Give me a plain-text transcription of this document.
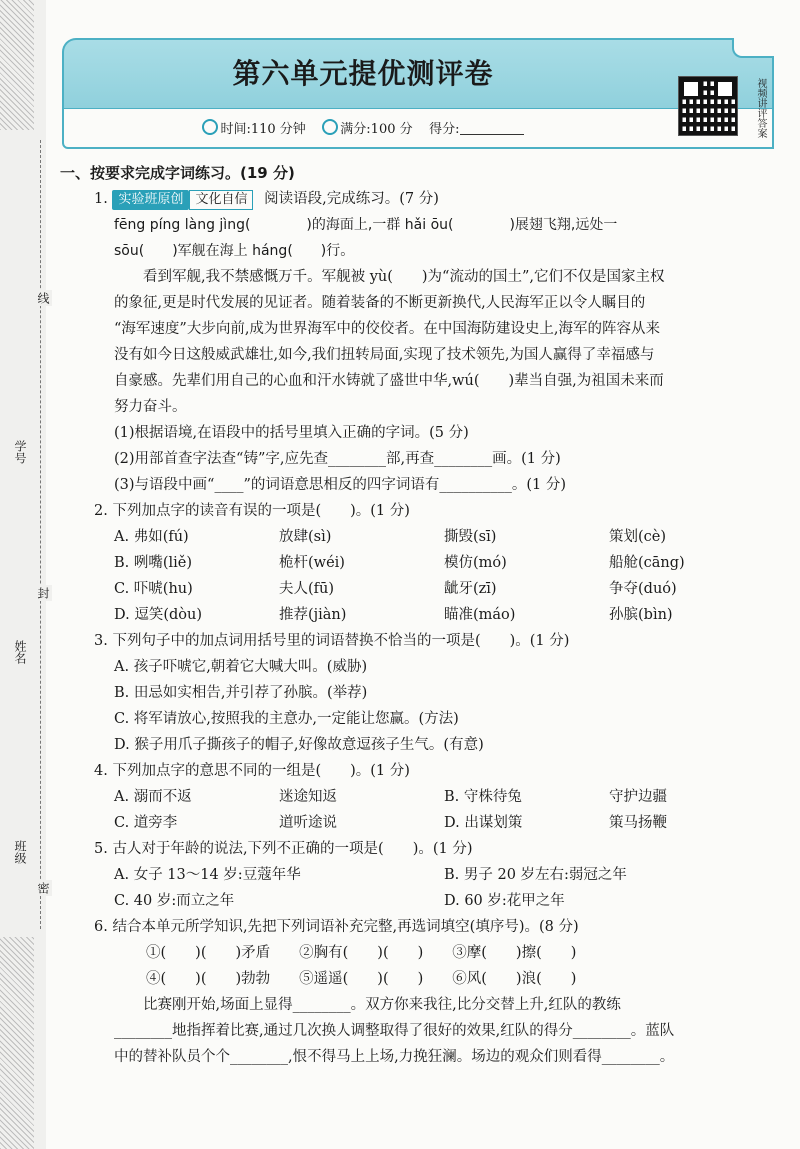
学号
姓名
班级
线
封
密
第六单元提优测评卷
时间:110 分钟	满分:100 分 得分:	视频讲评答案
一、按要求完成字词练习。(19 分)
1. 实验班原创 文化自信 阅读语段,完成练习。(7 分)
fēng píng làng jìng(　　　　)的海面上,一群 hǎi ōu(　　　　)展翅飞翔,远处一
sōu(　　)军舰在海上 háng(　　)行。
　　看到军舰,我不禁感慨万千。军舰被 yù(　　)为“流动的国土”,它们不仅是国家主权
的象征,更是时代发展的见证者。随着装备的不断更新换代,人民海军正以令人瞩目的
“海军速度”大步向前,成为世界海军中的佼佼者。在中国海防建设史上,海军的阵容从来
没有如今日这般威武雄壮,如今,我们扭转局面,实现了技术领先,为国人赢得了幸福感与
自豪感。先辈们用自己的心血和汗水铸就了盛世中华,wú(　　)辈当自强,为祖国未来而
努力奋斗。
(1)根据语境,在语段中的括号里填入正确的字词。(5 分)
(2)用部首查字法查“铸”字,应先查________部,再查________画。(1 分)
(3)与语段中画“____”的词语意思相反的四字词语有__________。(1 分)
2. 下列加点字的读音有误的一项是(　　)。(1 分)
A. 弗如(fú)	放肆(sì)	撕毁(sī)	策划(cè)
B. 咧嘴(liě)	桅杆(wéi)	模仿(mó)	船舱(cāng)
C. 吓唬(hu)	夫人(fū)	龇牙(zī)	争夺(duó)
D. 逗笑(dòu)	推荐(jiàn)	瞄准(máo)	孙膑(bìn)
3. 下列句子中的加点词用括号里的词语替换不恰当的一项是(　　)。(1 分)
A. 孩子吓唬它,朝着它大喊大叫。(威胁)
B. 田忌如实相告,并引荐了孙膑。(举荐)
C. 将军请放心,按照我的主意办,一定能让您赢。(方法)
D. 猴子用爪子撕孩子的帽子,好像故意逗孩子生气。(有意)
4. 下列加点字的意思不同的一组是(　　)。(1 分)
A. 溺而不返	迷途知返	B. 守株待兔	守护边疆
C. 道旁李	道听途说	D. 出谋划策	策马扬鞭
5. 古人对于年龄的说法,下列不正确的一项是(　　)。(1 分)
A. 女子 13～14 岁:豆蔻年华	B. 男子 20 岁左右:弱冠之年
C. 40 岁:而立之年	D. 60 岁:花甲之年
6. 结合本单元所学知识,先把下列词语补充完整,再选词填空(填序号)。(8 分)
①(　　)(　　)矛盾　　②胸有(　　)(　　)　　③摩(　　)擦(　　)
④(　　)(　　)勃勃　　⑤遥遥(　　)(　　)　　⑥风(　　)浪(　　)
　　比赛刚开始,场面上显得________。双方你来我往,比分交替上升,红队的教练
________地指挥着比赛,通过几次换人调整取得了很好的效果,红队的得分________。蓝队
中的替补队员个个________,恨不得马上上场,力挽狂澜。场边的观众们则看得________。
